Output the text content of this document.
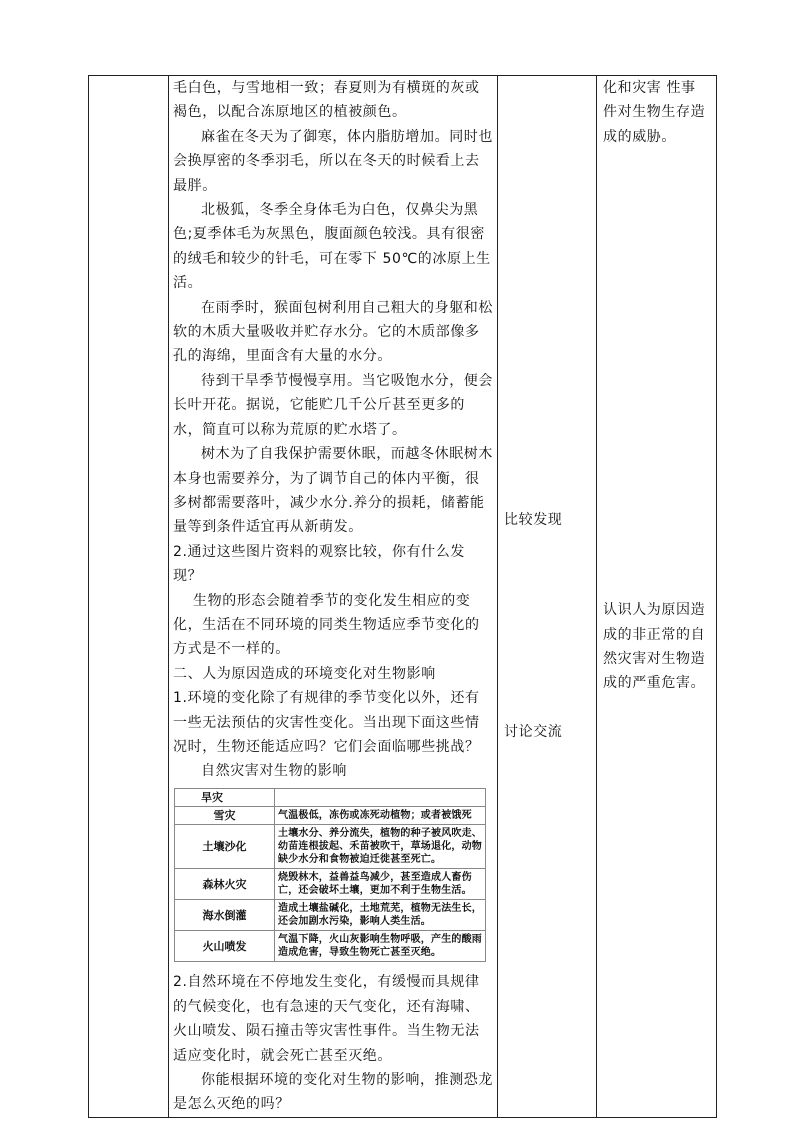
毛白色，与雪地相一致；春夏则为有横斑的灰或褐色，以配合冻原地区的植被颜色。

麻雀在冬天为了御寒，体内脂肪增加。同时也会换厚密的冬季羽毛，所以在冬天的时候看上去最胖。

北极狐，冬季全身体毛为白色，仅鼻尖为黑色;夏季体毛为灰黑色，腹面颜色较浅。具有很密的绒毛和较少的针毛，可在零下 50℃的冰原上生活。

在雨季时，猴面包树利用自己粗大的身躯和松软的木质大量吸收并贮存水分。它的木质部像多孔的海绵，里面含有大量的水分。

待到干旱季节慢慢享用。当它吸饱水分，便会长叶开花。据说，它能贮几千公斤甚至更多的水，简直可以称为荒原的贮水塔了。

树木为了自我保护需要休眠，而越冬休眠树木本身也需要养分，为了调节自己的体内平衡，很多树都需要落叶，减少水分.养分的损耗，储蓄能量等到条件适宜再从新萌发。

2.通过这些图片资料的观察比较，你有什么发现？

生物的形态会随着季节的变化发生相应的变化，生活在不同环境的同类生物适应季节变化的方式是不一样的。

二、人为原因造成的环境变化对生物影响

1.环境的变化除了有规律的季节变化以外，还有一些无法预估的灾害性变化。当出现下面这些情况时，生物还能适应吗？它们会面临哪些挑战？

自然灾害对生物的影响

旱灾	
雪灾	气温极低，冻伤或冻死动植物；或者被饿死
土壤沙化	土壤水分、养分流失，植物的种子被风吹走、幼苗连根拔起、禾苗被吹干，草场退化，动物缺少水分和食物被迫迁徙甚至死亡。
森林火灾	烧毁林木，益兽益鸟减少，甚至造成人畜伤亡，还会破坏土壤，更加不利于生物生活。
海水倒灌	造成土壤盐碱化，土地荒芜，植物无法生长，还会加剧水污染，影响人类生活。
火山喷发	气温下降，火山灰影响生物呼吸，产生的酸雨造成危害，导致生物死亡甚至灭绝。

2.自然环境在不停地发生变化，有缓慢而具规律的气候变化，也有急速的天气变化，还有海啸、火山喷发、陨石撞击等灾害性事件。当生物无法适应变化时，就会死亡甚至灭绝。

你能根据环境的变化对生物的影响，推测恐龙是怎么灭绝的吗？

比较发现

讨论交流

化和灾害 性事件对生物生存造成的威胁。

认识人为原因造成的非正常的自然灾害对生物造成的严重危害。
